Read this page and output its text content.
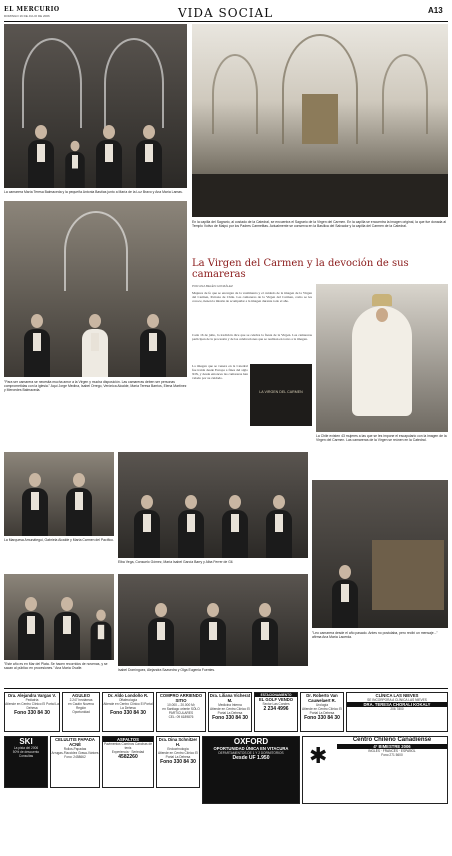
EL MERCURIO
DOMINGO 16 DE JULIO DE 2006	VIDA SOCIAL	A13
La camarera María Teresa Balmaceda y la pequeña Antonia Bastías junto a María de la Luz Bravo y Ana María Lamas.
En la capilla del Sagrario, al costado de la Catedral, se encuentra el Sagrario de la Virgen del Carmen. En la capilla se encuentra la imagen original, la que fue donada al Templo Votivo de Maipú por los Padres Carmelitas. Actualmente se conserva en la Basílica del Salvador y la capilla del Carmen de la Catedral.
"Para ser camarera se necesita mucha amor a la Virgen y mucha disposición. Las camareras deben ser personas comprometidas con la iglesia." Aquí Jorge Medina, Isabel Orrego, Verónica Alcalde, María Teresa Barrios, Elena Martínez y Mercedes Balmaceda.
La Virgen del Carmen y la devoción de sus camareras
POR ANA BELÉN GONZÁLEZ
Mujeres de fe que se encargan de la vestimenta y el cuidado de la imagen de la Virgen del Carmen, Patrona de Chile. Las camareras de la Virgen del Carmen, como se les conoce, tienen la misión de acompañar a la imagen durante todo el año.
Cada 16 de julio, la tradición dice que se celebra la fiesta de la Virgen. Las camareras participan de la procesión y de las celebraciones que se realizan en torno a la imagen.
La imagen que se venera en la Catedral fue traída desde Europa a fines del siglo XIX, y desde entonces las camareras han velado por su cuidado.
LA VIRGEN DEL CARMEN
La Chile existen 43 mujeres a las que se les impone el escapulario con la imagen de la Virgen del Carmen. Las camareras de la Virgen se reúnen en la Catedral.
La Marquesa Amunátegui, Gabriela Alcalde y Marta Carmen del Pacífico.
Elba Vega, Consuelo Gómez, María Isabel García Barry y Alba Ferrer de Gil.
"Este año es en Mar del Plata. Se hacen recorridos de novenas, y se sacan al público en procesiones." Ana María Ovalle.	Isabel Domínguez, Alejandra Saavedra y Olga Eugenia Fuentes.
"Leo camarera desde el año pasado. Antes no postulaba, pero recibí un mensaje..." afirma Ana María Lacerda.
Dra. Alejandra Vargas V.
Pediatría
Atiende en Centro Clínico El Portal La Dehesa
Fono 330 84 30
AGULEO
2.247 hectáreas
en Cautín Novena Región
Oportunidad
Dr. Aldo Londoño R.
Oftalmología
Atiende en Centro Clínico El Portal La Dehesa
Fono 330 84 30
COMPRO ARRIENDO SITIO
10.000 – 20.000 M²
en Santiago oriente SÓLO PARTICULARES
CEL: 09 6189876
Dra. Liliana Vicherat M.
Medicina Interna
Atiende en Centro Clínico El Portal La Dehesa
Fono 330 84 30
ESTACIONAMIENTO
EL GOLF VENDO
Sector Las Condes
2 234 4996
Dr. Roberto Van Cauwelaert R.
Urología
Atiende en Centro Clínico El Portal La Dehesa
Fono 330 84 30
CLÍNICA LAS NIEVES
SE INCORPORA A CLÍNICA LAS NIEVES
DRA. TERESA CHORALI KOKALY
206 7800
SKI
La pista del 2006
50% de descuento
Consultas
CELULITIS PAPADA ACNÉ
Rollos-Papadas
Arrugas-Flaccidez Grasa-Várices
Fono: 2458662
ASFALTOS
Pavimentos Caminos Canchas de tenis
Experiencia · Seriedad
4582260
Dra. Dina Schnitzer H.
Endocrinología
Atiende en Centro Clínico El Portal La Dehesa
Fono 330 84 30
OXFORD
OPORTUNIDAD ÚNICA EN VITACURA
DEPARTAMENTOS DE 1 Y 2 DORMITORIOS
Desde UF 1.950	✱
Centro Chileno Canadiense
4° BIMESTRE 2006
INGLÉS · FRANCÉS · ESPAÑOL
Fono 271 5600
